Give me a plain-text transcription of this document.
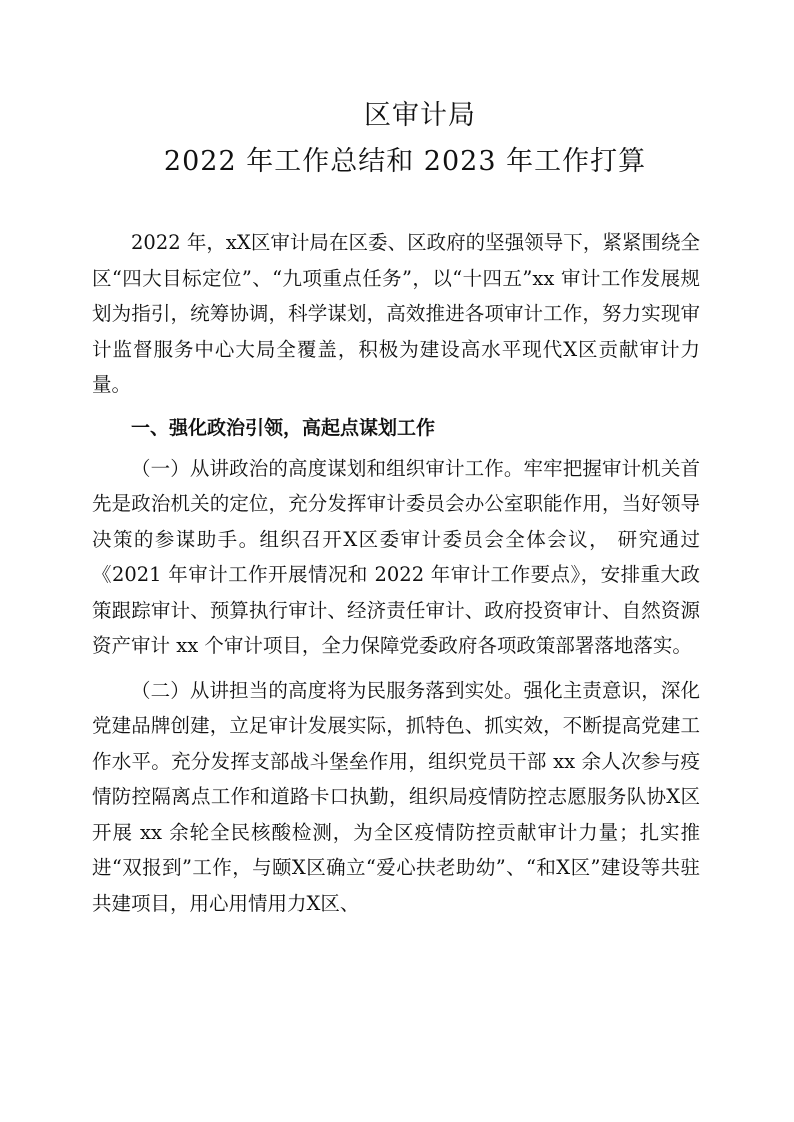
区审计局
2022 年工作总结和 2023 年工作打算

2022 年，xX区审计局在区委、区政府的坚强领导下，紧紧围绕全区“四大目标定位”、“九项重点任务”，以“十四五”xx 审计工作发展规划为指引，统筹协调，科学谋划，高效推进各项审计工作，努力实现审计监督服务中心大局全覆盖，积极为建设高水平现代X区贡献审计力量。

一、强化政治引领，高起点谋划工作

（一）从讲政治的高度谋划和组织审计工作。牢牢把握审计机关首先是政治机关的定位，充分发挥审计委员会办公室职能作用，当好领导决策的参谋助手。组织召开X区委审计委员会全体会议， 研究通过《2021 年审计工作开展情况和 2022 年审计工作要点》，安排重大政策跟踪审计、预算执行审计、经济责任审计、政府投资审计、自然资源资产审计 xx 个审计项目，全力保障党委政府各项政策部署落地落实。

（二）从讲担当的高度将为民服务落到实处。强化主责意识，深化党建品牌创建，立足审计发展实际，抓特色、抓实效，不断提高党建工作水平。充分发挥支部战斗堡垒作用，组织党员干部 xx 余人次参与疫情防控隔离点工作和道路卡口执勤，组织局疫情防控志愿服务队协X区开展 xx 余轮全民核酸检测，为全区疫情防控贡献审计力量；扎实推进“双报到”工作，与颐X区确立“爱心扶老助幼”、“和X区”建设等共驻共建项目，用心用情用力X区、
